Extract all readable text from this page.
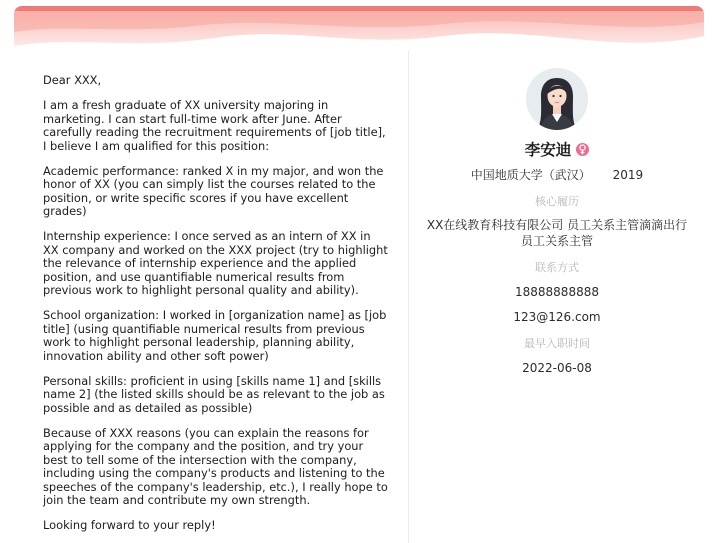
Dear XXX,

I am a fresh graduate of XX university majoring in marketing. I can start full-time work after June. After carefully reading the recruitment requirements of [job title], I believe I am qualified for this position:

Academic performance: ranked X in my major, and won the honor of XX (you can simply list the courses related to the position, or write specific scores if you have excellent grades)

Internship experience: I once served as an intern of XX in XX company and worked on the XXX project (try to highlight the relevance of internship experience and the applied position, and use quantifiable numerical results from previous work to highlight personal quality and ability).

School organization: I worked in [organization name] as [job title] (using quantifiable numerical results from previous work to highlight personal leadership, planning ability, innovation ability and other soft power)

Personal skills: proficient in using [skills name 1] and [skills name 2] (the listed skills should be as relevant to the job as possible and as detailed as possible)

Because of XXX reasons (you can explain the reasons for applying for the company and the position, and try your best to tell some of the intersection with the company, including using the company's products and listening to the speeches of the company's leadership, etc.), I really hope to join the team and contribute my own strength.

Looking forward to your reply!

李安迪
中国地质大学（武汉） 2019
核心履历
XX在线教育科技有限公司 员工关系主管滴滴出行员工关系主管
联系方式
18888888888
123@126.com
最早入职时间
2022-06-08
